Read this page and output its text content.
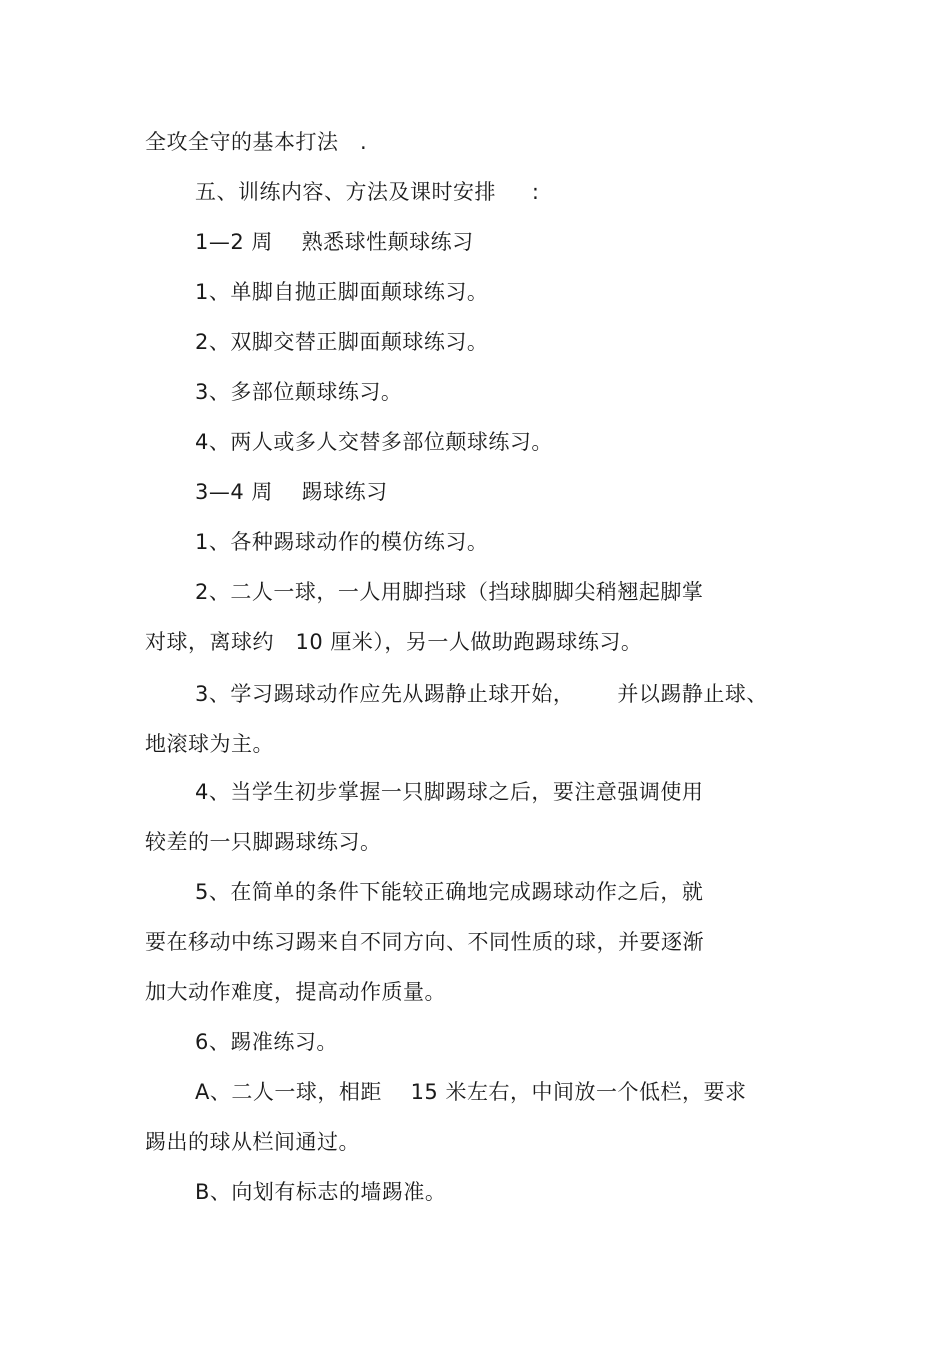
全攻全守的基本打法   .
五、训练内容、方法及课时安排     :
1—2 周    熟悉球性颠球练习
1、单脚自抛正脚面颠球练习。
2、双脚交替正脚面颠球练习。
3、多部位颠球练习。
4、两人或多人交替多部位颠球练习。
3—4 周    踢球练习
1、各种踢球动作的模仿练习。
2、二人一球，一人用脚挡球（挡球脚脚尖稍翘起脚掌
对球，离球约   10 厘米），另一人做助跑踢球练习。
3、学习踢球动作应先从踢静止球开始，      并以踢静止球、
地滚球为主。
4、当学生初步掌握一只脚踢球之后，要注意强调使用
较差的一只脚踢球练习。
5、在简单的条件下能较正确地完成踢球动作之后，就
要在移动中练习踢来自不同方向、不同性质的球，并要逐渐
加大动作难度，提高动作质量。
6、踢准练习。
A、二人一球，相距    15 米左右，中间放一个低栏，要求
踢出的球从栏间通过。
B、向划有标志的墙踢准。
